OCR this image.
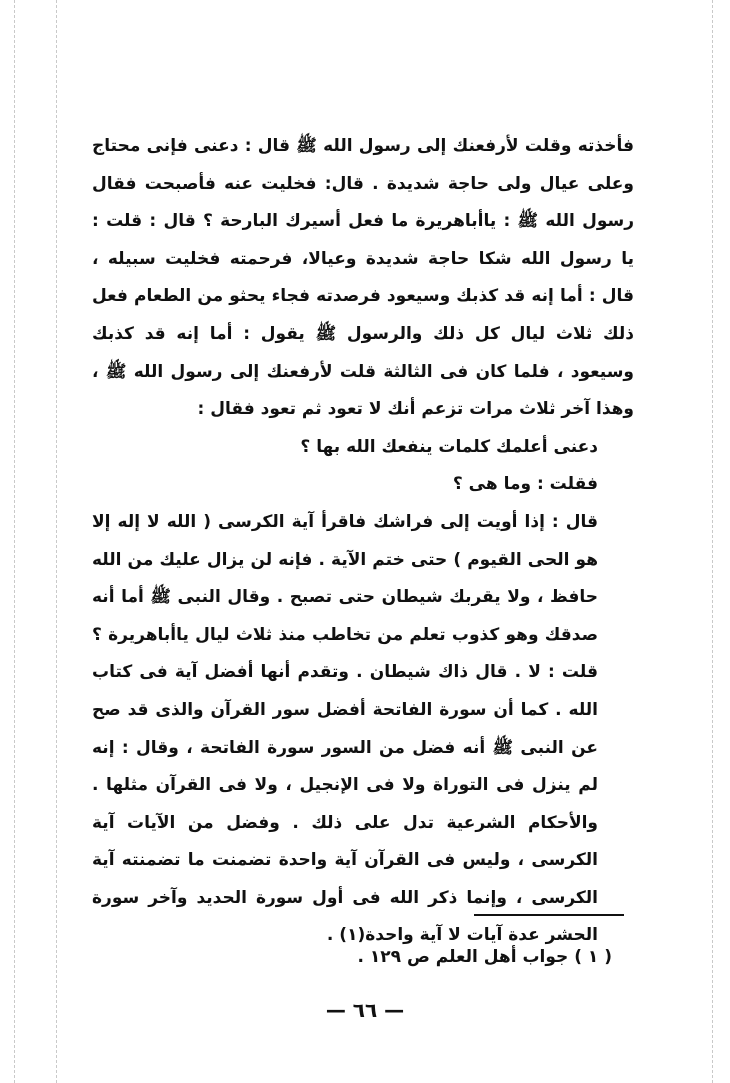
فأخذته وقلت لأرفعنك إلى رسول الله ﷺ قال : دعنى فإنى محتاج وعلى عيال ولى حاجة شديدة . قال: فخليت عنه فأصبحت فقال رسول الله ﷺ : ياأباهريرة ما فعل أسيرك البارحة ؟ قال : قلت : يا رسول الله شكا حاجة شديدة وعيالا، فرحمته فخليت سبيله ، قال : أما إنه قد كذبك وسيعود فرصدته فجاء يحثو من الطعام فعل ذلك ثلاث ليال كل ذلك والرسول ﷺ يقول : أما إنه قد كذبك وسيعود ، فلما كان فى الثالثة قلت لأرفعنك إلى رسول الله ﷺ ، وهذا آخر ثلاث مرات تزعم أنك لا تعود ثم تعود فقال :

دعنى أعلمك كلمات ينفعك الله بها ؟

فقلت : وما هى ؟

قال : إذا أويت إلى فراشك فاقرأ آية الكرسى ( الله لا إله إلا هو الحى القيوم ) حتى ختم الآية . فإنه لن يزال عليك من الله حافظ ، ولا يقربك شيطان حتى تصبح . وقال النبى ﷺ أما أنه صدقك وهو كذوب تعلم من تخاطب منذ ثلاث ليال ياأباهريرة ؟ قلت : لا . قال ذاك شيطان . وتقدم أنها أفضل آية فى كتاب الله . كما أن سورة الفاتحة أفضل سور القرآن والذى قد صح عن النبى ﷺ أنه فضل من السور سورة الفاتحة ، وقال : إنه لم ينزل فى التوراة ولا فى الإنجيل ، ولا فى القرآن مثلها . والأحكام الشرعية تدل على ذلك . وفضل من الآيات آية الكرسى ، وليس فى القرآن آية واحدة تضمنت ما تضمنته آية الكرسى ، وإنما ذكر الله فى أول سورة الحديد وآخر سورة الحشر عدة آيات لا آية واحدة(١) .

( ١ ) جواب أهل العلم ص ١٢٩ .
— ٦٦ —
